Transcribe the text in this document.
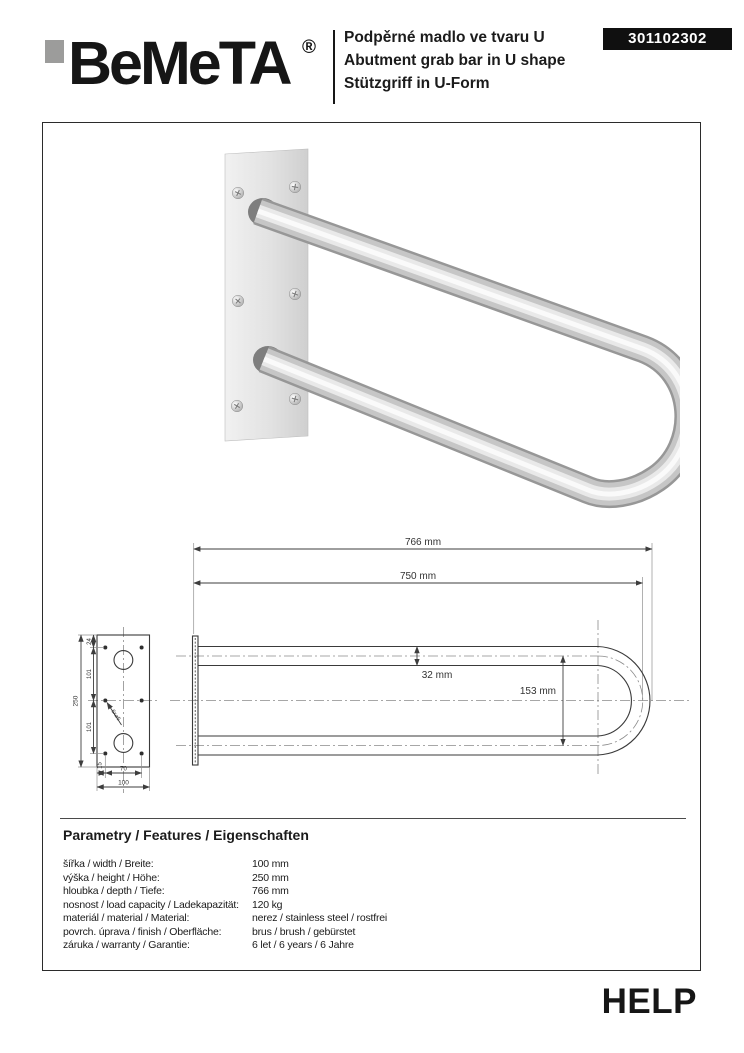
BeMeTA ® Podpěrné madlo ve tvaru U
Abutment grab bar in U shape
Stützgriff in U-Form
301102302
250
24
101
101
15
70
100
6x⌀5
766 mm
750 mm
153 mm
32 mm
Parametry / Features / Eigenschaften
šířka / width / Breite:	100 mm
výška / height / Höhe:	250 mm
hloubka / depth / Tiefe:	766 mm
nosnost / load capacity / Ladekapazität:	120 kg
materiál / material / Material:	nerez / stainless steel / rostfrei
povrch. úprava / finish / Oberfläche:	brus / brush / gebürstet
záruka / warranty / Garantie:	6 let / 6 years / 6 Jahre
HELP
